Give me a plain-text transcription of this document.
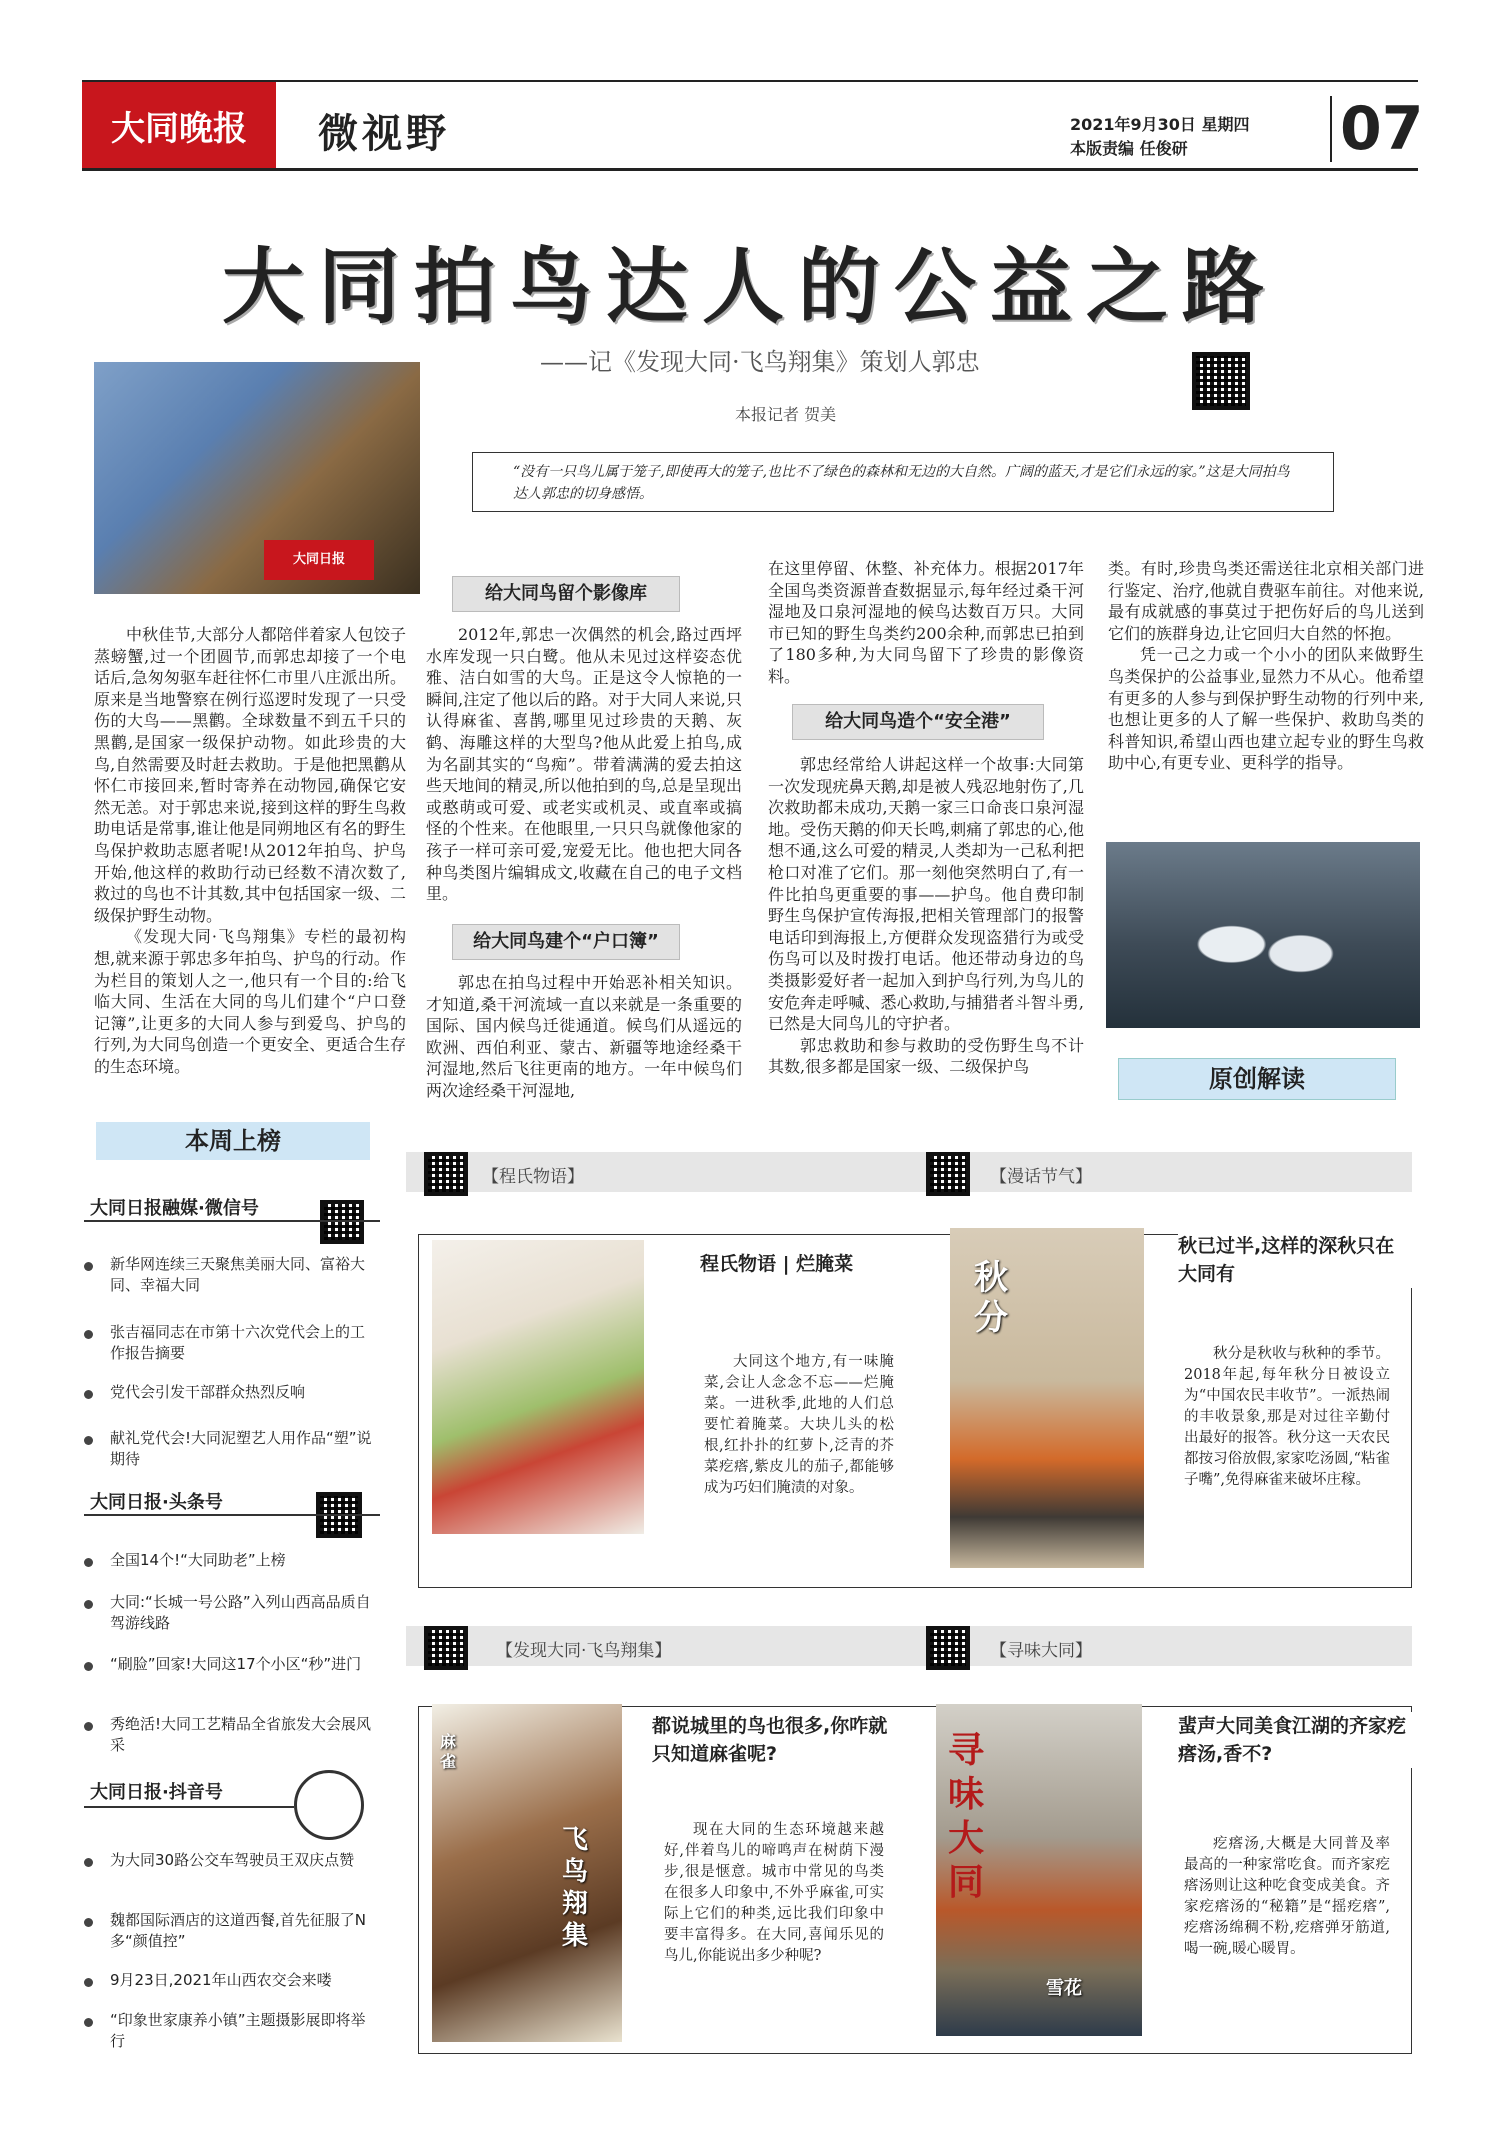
大同晚报 微视野	2021年9月30日 星期四
本版责编 任俊研	07
大同拍鸟达人的公益之路
——记《发现大同·飞鸟翔集》策划人郭忠
本报记者 贺美
大同日报
“没有一只鸟儿属于笼子,即使再大的笼子,也比不了绿色的森林和无边的大自然。广阔的蓝天,才是它们永远的家。”这是大同拍鸟达人郭忠的切身感悟。

中秋佳节,大部分人都陪伴着家人包饺子蒸螃蟹,过一个团圆节,而郭忠却接了一个电话后,急匆匆驱车赶往怀仁市里八庄派出所。原来是当地警察在例行巡逻时发现了一只受伤的大鸟——黑鹳。全球数量不到五千只的黑鹳,是国家一级保护动物。如此珍贵的大鸟,自然需要及时赶去救助。于是他把黑鹳从怀仁市接回来,暂时寄养在动物园,确保它安然无恙。对于郭忠来说,接到这样的野生鸟救助电话是常事,谁让他是同朔地区有名的野生鸟保护救助志愿者呢!从2012年拍鸟、护鸟开始,他这样的救助行动已经数不清次数了,救过的鸟也不计其数,其中包括国家一级、二级保护野生动物。

《发现大同·飞鸟翔集》专栏的最初构想,就来源于郭忠多年拍鸟、护鸟的行动。作为栏目的策划人之一,他只有一个目的:给飞临大同、生活在大同的鸟儿们建个“户口登记簿”,让更多的大同人参与到爱鸟、护鸟的行列,为大同鸟创造一个更安全、更适合生存的生态环境。

给大同鸟留个影像库

2012年,郭忠一次偶然的机会,路过西坪水库发现一只白鹭。他从未见过这样姿态优雅、洁白如雪的大鸟。正是这令人惊艳的一瞬间,注定了他以后的路。对于大同人来说,只认得麻雀、喜鹊,哪里见过珍贵的天鹅、灰鹤、海雕这样的大型鸟?他从此爱上拍鸟,成为名副其实的“鸟痴”。带着满满的爱去拍这些天地间的精灵,所以他拍到的鸟,总是呈现出或憨萌或可爱、或老实或机灵、或直率或搞怪的个性来。在他眼里,一只只鸟就像他家的孩子一样可亲可爱,宠爱无比。他也把大同各种鸟类图片编辑成文,收藏在自己的电子文档里。

给大同鸟建个“户口簿”

郭忠在拍鸟过程中开始恶补相关知识。才知道,桑干河流域一直以来就是一条重要的国际、国内候鸟迁徙通道。候鸟们从遥远的欧洲、西伯利亚、蒙古、新疆等地途经桑干河湿地,然后飞往更南的地方。一年中候鸟们两次途经桑干河湿地,

在这里停留、休整、补充体力。根据2017年全国鸟类资源普查数据显示,每年经过桑干河湿地及口泉河湿地的候鸟达数百万只。大同市已知的野生鸟类约200余种,而郭忠已拍到了180多种,为大同鸟留下了珍贵的影像资料。

给大同鸟造个“安全港”

郭忠经常给人讲起这样一个故事:大同第一次发现疣鼻天鹅,却是被人残忍地射伤了,几次救助都未成功,天鹅一家三口命丧口泉河湿地。受伤天鹅的仰天长鸣,刺痛了郭忠的心,他想不通,这么可爱的精灵,人类却为一己私利把枪口对准了它们。那一刻他突然明白了,有一件比拍鸟更重要的事——护鸟。他自费印制野生鸟保护宣传海报,把相关管理部门的报警电话印到海报上,方便群众发现盗猎行为或受伤鸟可以及时拨打电话。他还带动身边的鸟类摄影爱好者一起加入到护鸟行列,为鸟儿的安危奔走呼喊、悉心救助,与捕猎者斗智斗勇,已然是大同鸟儿的守护者。

郭忠救助和参与救助的受伤野生鸟不计其数,很多都是国家一级、二级保护鸟

类。有时,珍贵鸟类还需送往北京相关部门进行鉴定、治疗,他就自费驱车前往。对他来说,最有成就感的事莫过于把伤好后的鸟儿送到它们的族群身边,让它回归大自然的怀抱。

凭一己之力或一个小小的团队来做野生鸟类保护的公益事业,显然力不从心。他希望有更多的人参与到保护野生动物的行列中来,也想让更多的人了解一些保护、救助鸟类的科普知识,希望山西也建立起专业的野生鸟救助中心,有更专业、更科学的指导。

原创解读
本周上榜
大同日报融媒·微信号
新华网连续三天聚焦美丽大同、富裕大同、幸福大同
张吉福同志在市第十六次党代会上的工作报告摘要
党代会引发干部群众热烈反响
献礼党代会!大同泥塑艺人用作品“塑”说期待
大同日报·头条号
全国14个!“大同助老”上榜
大同:“长城一号公路”入列山西高品质自驾游线路
“刷脸”回家!大同这17个小区“秒”进门
秀绝活!大同工艺精品全省旅发大会展风采
大同日报·抖音号
为大同30路公交车驾驶员王双庆点赞
魏都国际酒店的这道西餐,首先征服了N多“颜值控”
9月23日,2021年山西农交会来喽
“印象世家康养小镇”主题摄影展即将举行
【程氏物语】	【漫话节气】
程氏物语 | 烂腌菜

大同这个地方,有一味腌菜,会让人念念不忘——烂腌菜。一进秋季,此地的人们总要忙着腌菜。大块儿头的松根,红扑扑的红萝卜,泛青的芥菜疙瘩,紫皮儿的茄子,都能够成为巧妇们腌渍的对象。

秋分
秋已过半,这样的深秋只在大同有

秋分是秋收与秋种的季节。2018年起,每年秋分日被设立为“中国农民丰收节”。一派热闹的丰收景象,那是对过往辛勤付出最好的报答。秋分这一天农民都按习俗放假,家家吃汤圆,“粘雀子嘴”,免得麻雀来破坏庄稼。

【发现大同·飞鸟翔集】	【寻味大同】
麻雀
飞鸟翔集
都说城里的鸟也很多,你咋就只知道麻雀呢?

现在大同的生态环境越来越好,伴着鸟儿的啼鸣声在树荫下漫步,很是惬意。城市中常见的鸟类在很多人印象中,不外乎麻雀,可实际上它们的种类,远比我们印象中要丰富得多。在大同,喜闻乐见的鸟儿,你能说出多少种呢?

寻味大同
雪花
蜚声大同美食江湖的齐家疙瘩汤,香不?

疙瘩汤,大概是大同普及率最高的一种家常吃食。而齐家疙瘩汤则让这种吃食变成美食。齐家疙瘩汤的“秘籍”是“摇疙瘩”,疙瘩汤绵稠不粉,疙瘩弹牙筋道,喝一碗,暖心暖胃。
